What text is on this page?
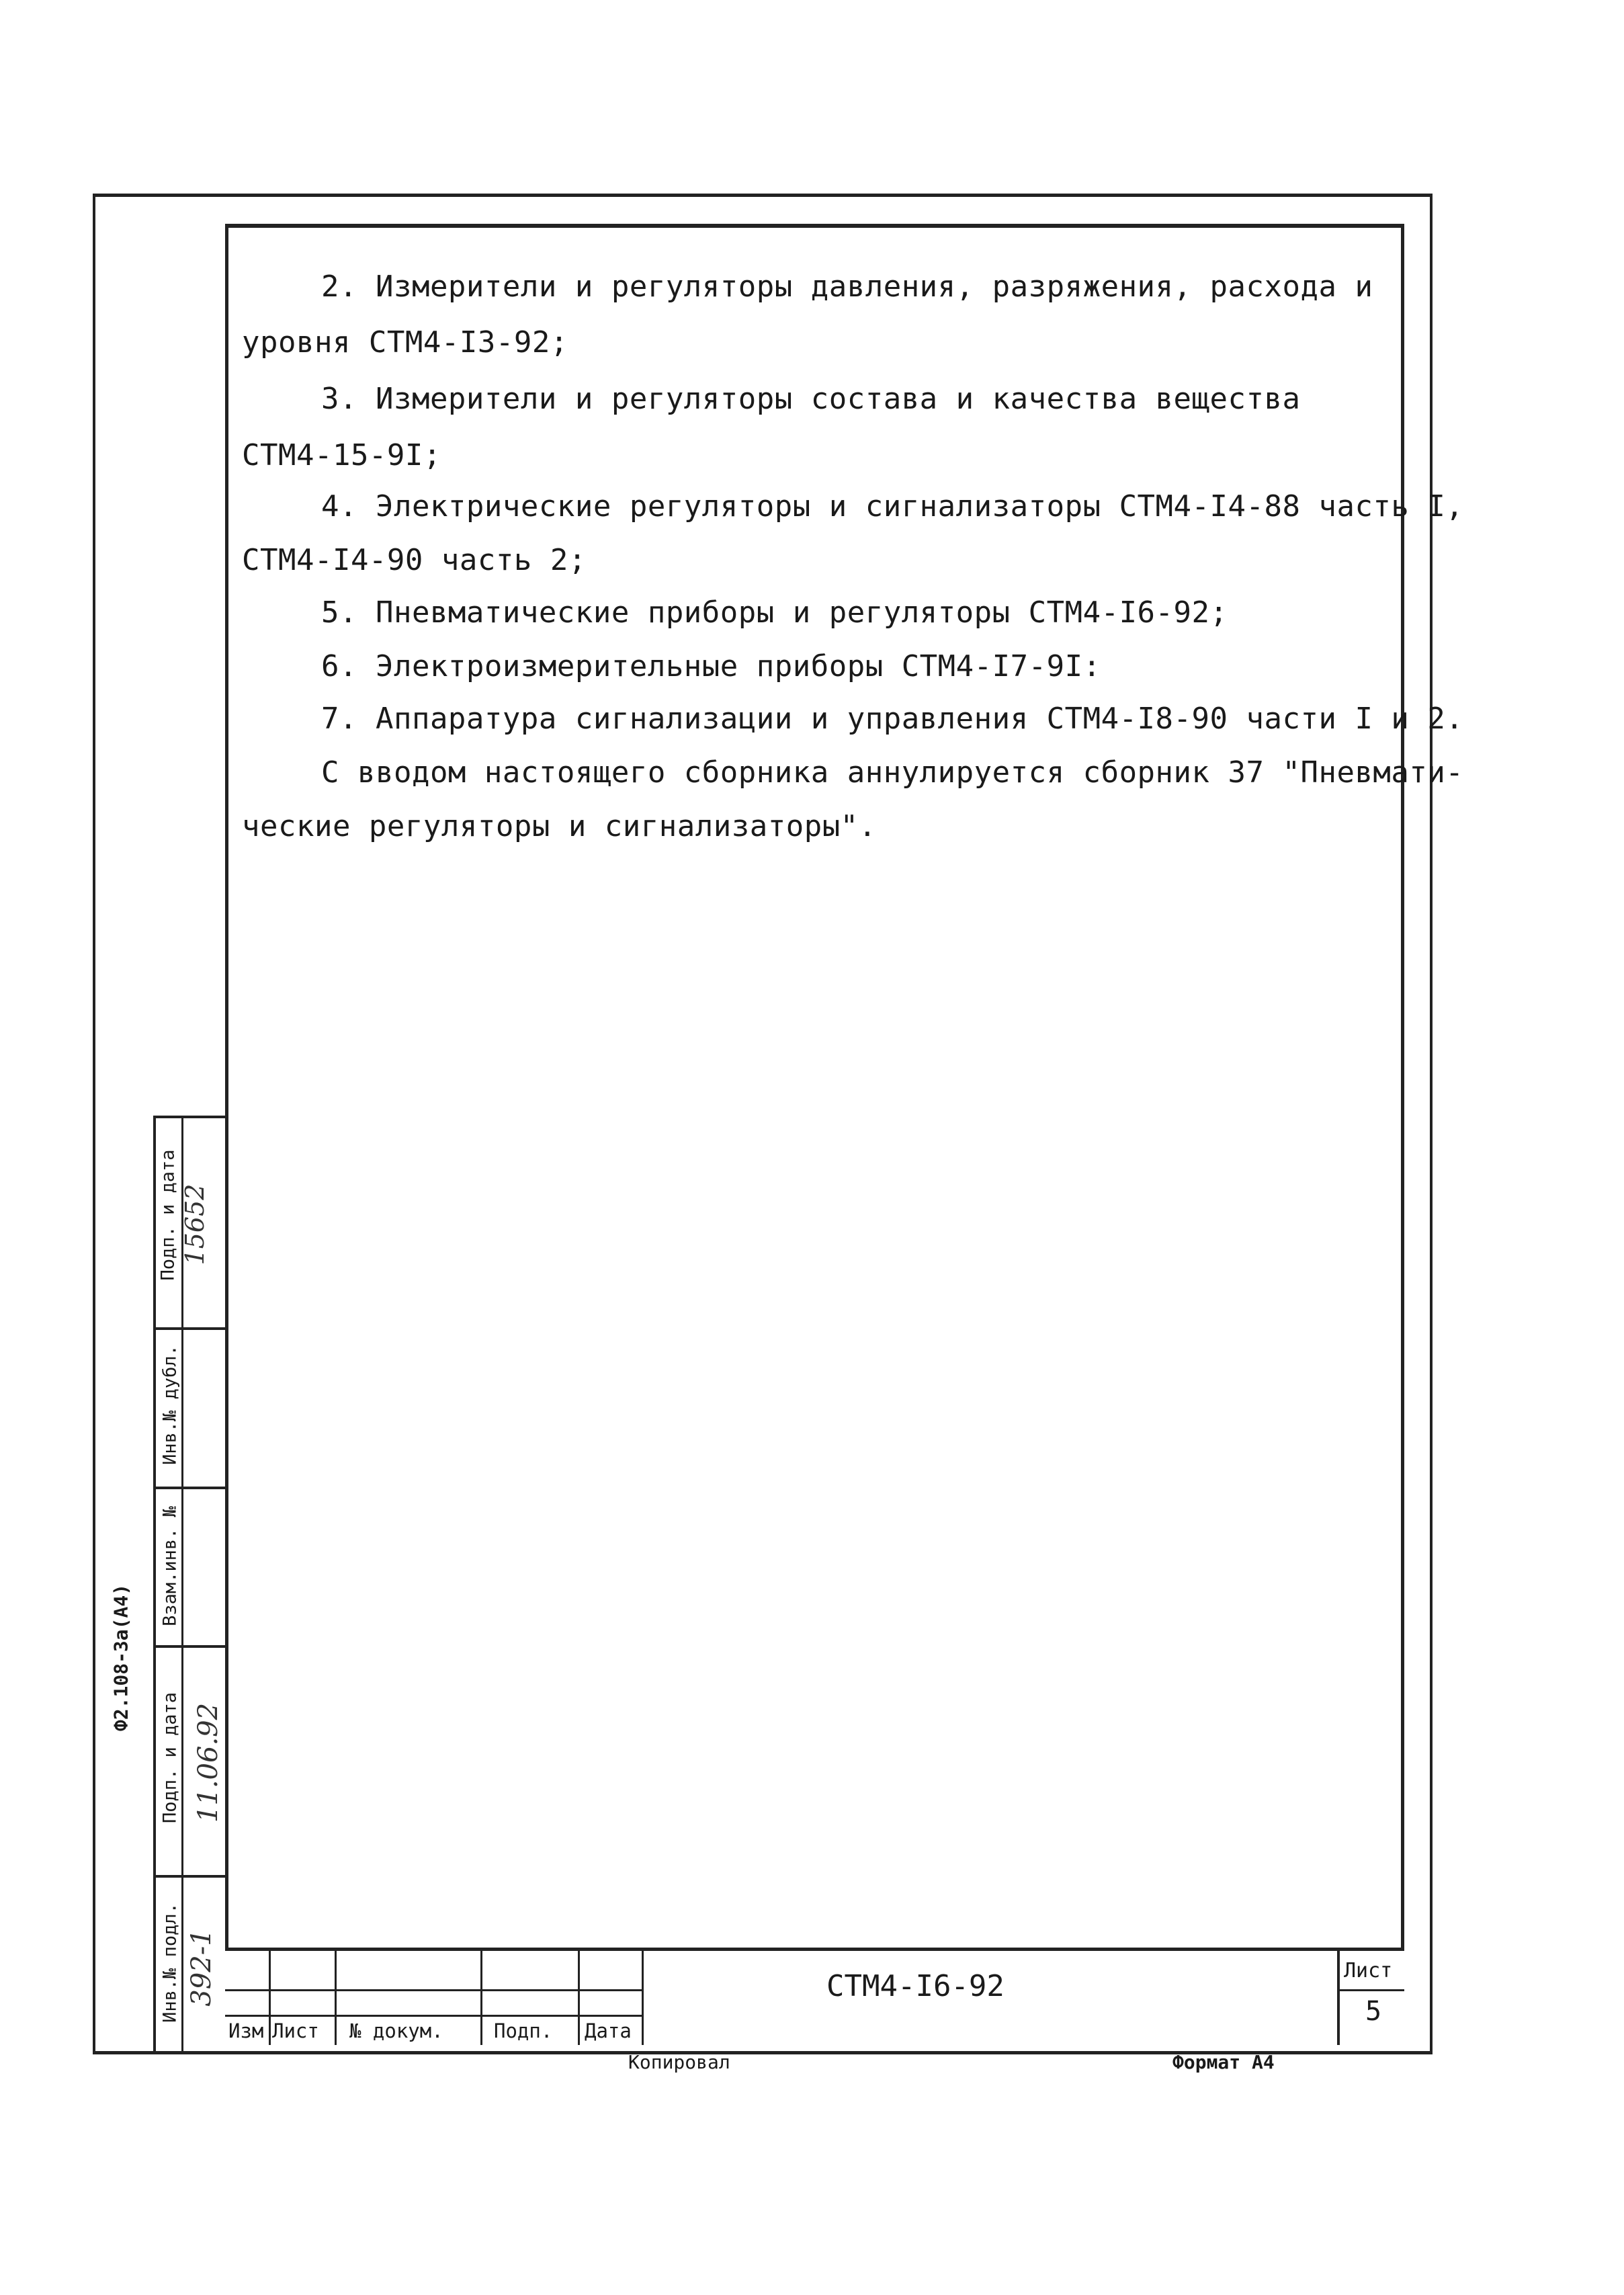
2. Измерители и регуляторы давления, разряжения, расхода и
уровня СТМ4-I3-92;
3. Измерители и регуляторы состава и качества вещества
СТМ4-15-9I;
4. Электрические регуляторы и сигнализаторы СТМ4-I4-88 часть I,
СТМ4-I4-90 часть 2;
5. Пневматические приборы и регуляторы СТМ4-I6-92;
6. Электроизмерительные приборы СТМ4-I7-9I:
7. Аппаратура сигнализации и управления СТМ4-I8-90 части I и 2.
С вводом настоящего сборника аннулируется сборник 37 "Пневмати-
ческие регуляторы и сигнализаторы".
Подп. и дата
Инв.№ дубл.
Взам.инв. №
Подп. и дата
Инв.№ подл.
15652
11.06.92
392-1
Ф2.108-3а(А4)
Изм Лист № докум.	Подп. Дата
СТМ4-I6-92	Лист
5
Копировал	Формат А4
